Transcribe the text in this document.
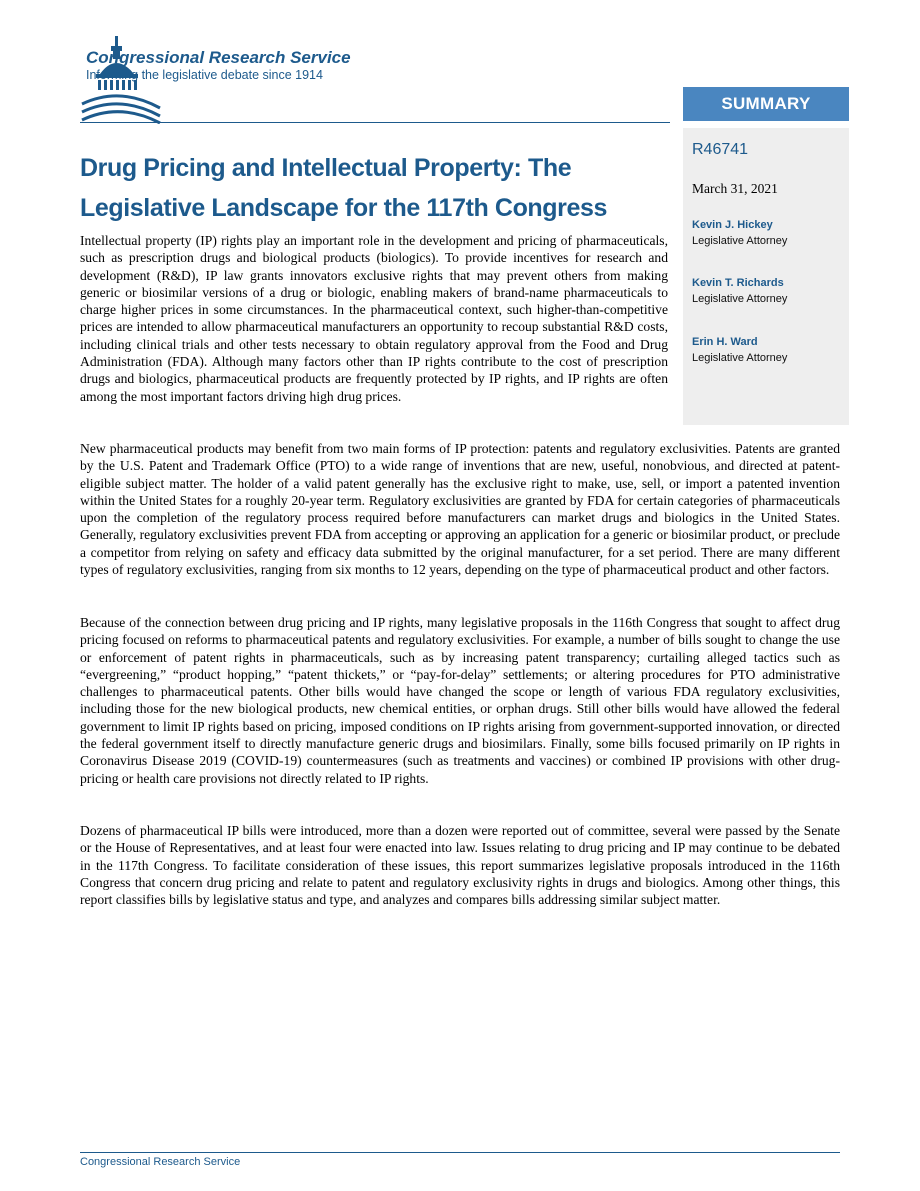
Congressional Research Service
Informing the legislative debate since 1914
SUMMARY
R46741
March 31, 2021
Kevin J. Hickey
Legislative Attorney
Kevin T. Richards
Legislative Attorney
Erin H. Ward
Legislative Attorney
Drug Pricing and Intellectual Property: The Legislative Landscape for the 117th Congress

Intellectual property (IP) rights play an important role in the development and pricing of pharmaceuticals, such as prescription drugs and biological products (biologics). To provide incentives for research and development (R&D), IP law grants innovators exclusive rights that may prevent others from making generic or biosimilar versions of a drug or biologic, enabling makers of brand-name pharmaceuticals to charge higher prices in some circumstances. In the pharmaceutical context, such higher-than-competitive prices are intended to allow pharmaceutical manufacturers an opportunity to recoup substantial R&D costs, including clinical trials and other tests necessary to obtain regulatory approval from the Food and Drug Administration (FDA). Although many factors other than IP rights contribute to the cost of prescription drugs and biologics, pharmaceutical products are frequently protected by IP rights, and IP rights are often among the most important factors driving high drug prices.

New pharmaceutical products may benefit from two main forms of IP protection: patents and regulatory exclusivities. Patents are granted by the U.S. Patent and Trademark Office (PTO) to a wide range of inventions that are new, useful, nonobvious, and directed at patent-eligible subject matter. The holder of a valid patent generally has the exclusive right to make, use, sell, or import a patented invention within the United States for a roughly 20-year term. Regulatory exclusivities are granted by FDA for certain categories of pharmaceuticals upon the completion of the regulatory process required before manufacturers can market drugs and biologics in the United States. Generally, regulatory exclusivities prevent FDA from accepting or approving an application for a generic or biosimilar product, or preclude a competitor from relying on safety and efficacy data submitted by the original manufacturer, for a set period. There are many different types of regulatory exclusivities, ranging from six months to 12 years, depending on the type of pharmaceutical product and other factors.

Because of the connection between drug pricing and IP rights, many legislative proposals in the 116th Congress that sought to affect drug pricing focused on reforms to pharmaceutical patents and regulatory exclusivities. For example, a number of bills sought to change the use or enforcement of patent rights in pharmaceuticals, such as by increasing patent transparency; curtailing alleged tactics such as “evergreening,” “product hopping,” “patent thickets,” or “pay-for-delay” settlements; or altering procedures for PTO administrative challenges to pharmaceutical patents. Other bills would have changed the scope or length of various FDA regulatory exclusivities, including those for the new biological products, new chemical entities, or orphan drugs. Still other bills would have allowed the federal government to limit IP rights based on pricing, imposed conditions on IP rights arising from government-supported innovation, or directed the federal government itself to directly manufacture generic drugs and biosimilars. Finally, some bills focused primarily on IP rights in Coronavirus Disease 2019 (COVID-19) countermeasures (such as treatments and vaccines) or combined IP provisions with other drug-pricing or health care provisions not directly related to IP rights.

Dozens of pharmaceutical IP bills were introduced, more than a dozen were reported out of committee, several were passed by the Senate or the House of Representatives, and at least four were enacted into law. Issues relating to drug pricing and IP may continue to be debated in the 117th Congress. To facilitate consideration of these issues, this report summarizes legislative proposals introduced in the 116th Congress that concern drug pricing and relate to patent and regulatory exclusivity rights in drugs and biologics. Among other things, this report classifies bills by legislative status and type, and analyzes and compares bills addressing similar subject matter.

Congressional Research Service
